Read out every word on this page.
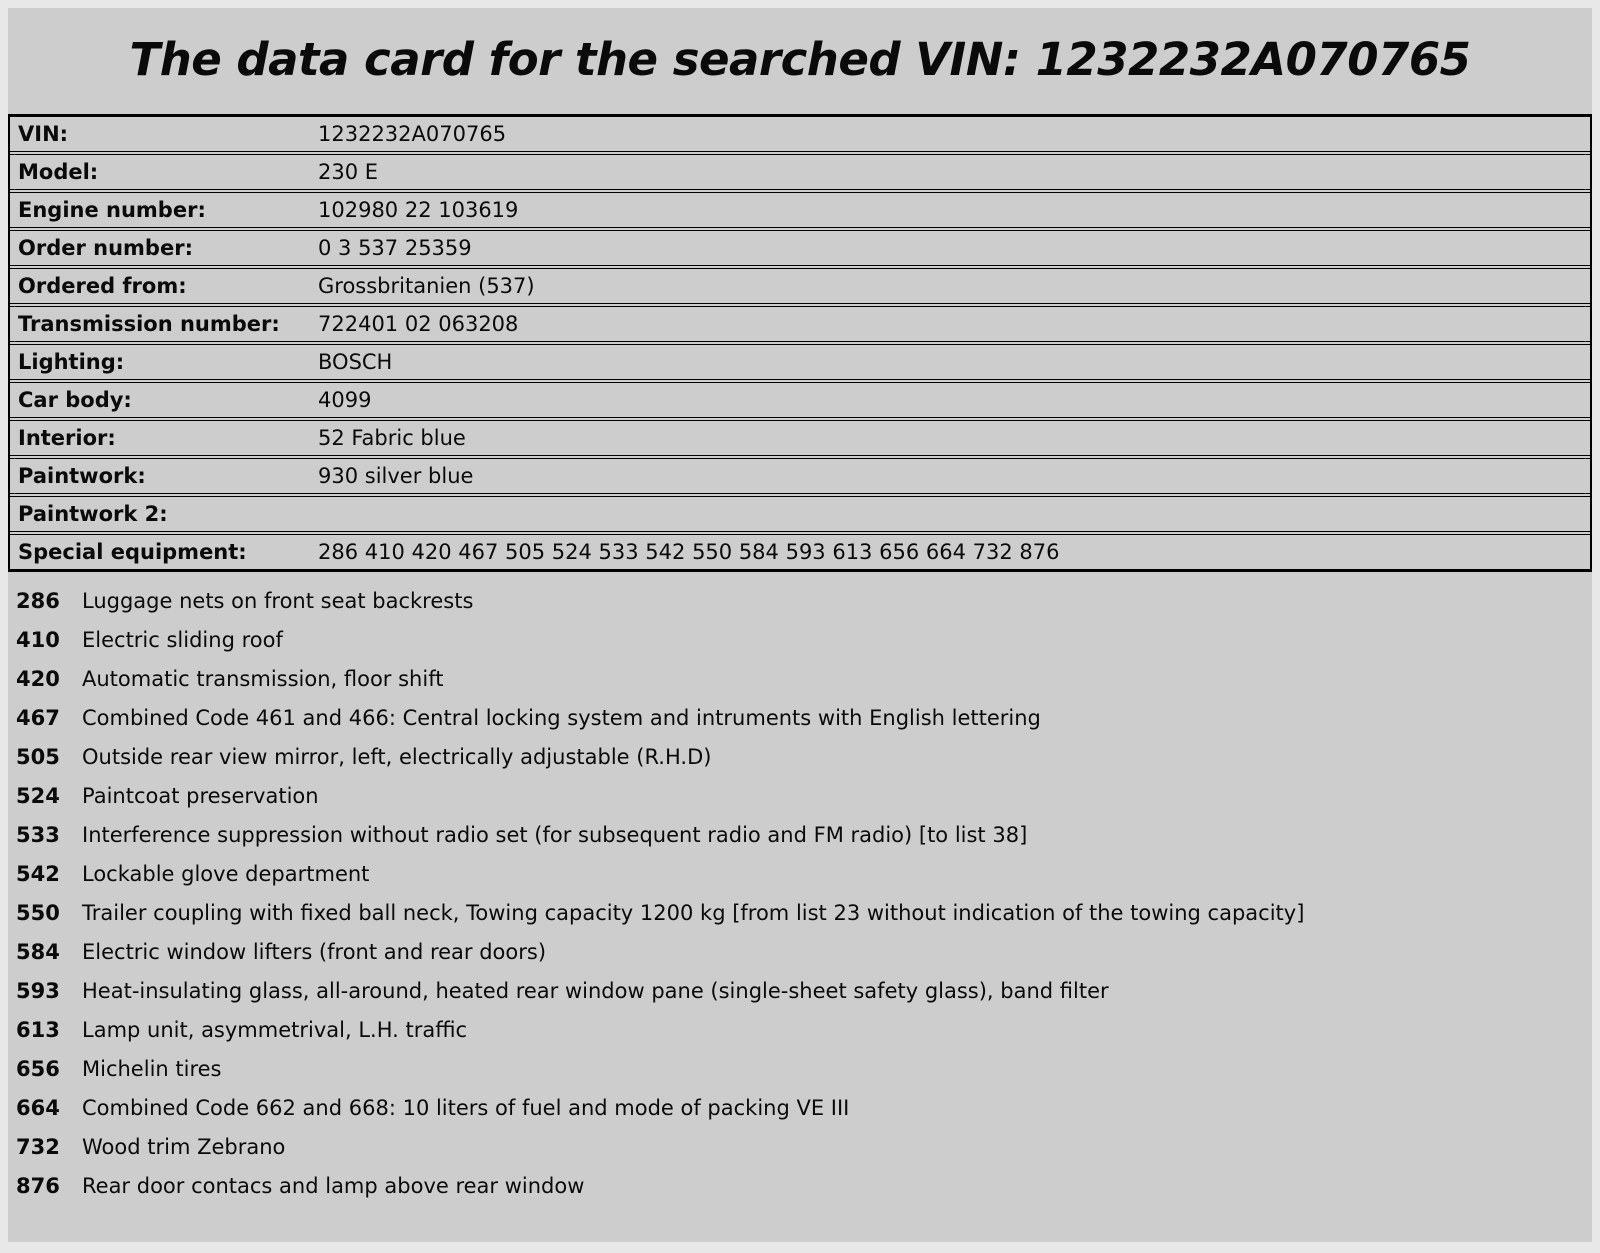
The data card for the searched VIN: 1232232A070765
VIN:	1232232A070765
Model:	230 E
Engine number:	102980 22 103619
Order number:	0 3 537 25359
Ordered from:	Grossbritanien (537)
Transmission number:	722401 02 063208
Lighting:	BOSCH
Car body:	4099
Interior:	52 Fabric blue
Paintwork:	930 silver blue
Paintwork 2:
Special equipment:	286 410 420 467 505 524 533 542 550 584 593 613 656 664 732 876
286	Luggage nets on front seat backrests
410	Electric sliding roof
420	Automatic transmission, floor shift
467	Combined Code 461 and 466: Central locking system and intruments with English lettering
505	Outside rear view mirror, left, electrically adjustable (R.H.D)
524	Paintcoat preservation
533	Interference suppression without radio set (for subsequent radio and FM radio) [to list 38]
542	Lockable glove department
550	Trailer coupling with fixed ball neck, Towing capacity 1200 kg [from list 23 without indication of the towing capacity]
584	Electric window lifters (front and rear doors)
593	Heat-insulating glass, all-around, heated rear window pane (single-sheet safety glass), band filter
613	Lamp unit, asymmetrival, L.H. traffic
656	Michelin tires
664	Combined Code 662 and 668: 10 liters of fuel and mode of packing VE III
732	Wood trim Zebrano
876	Rear door contacs and lamp above rear window
